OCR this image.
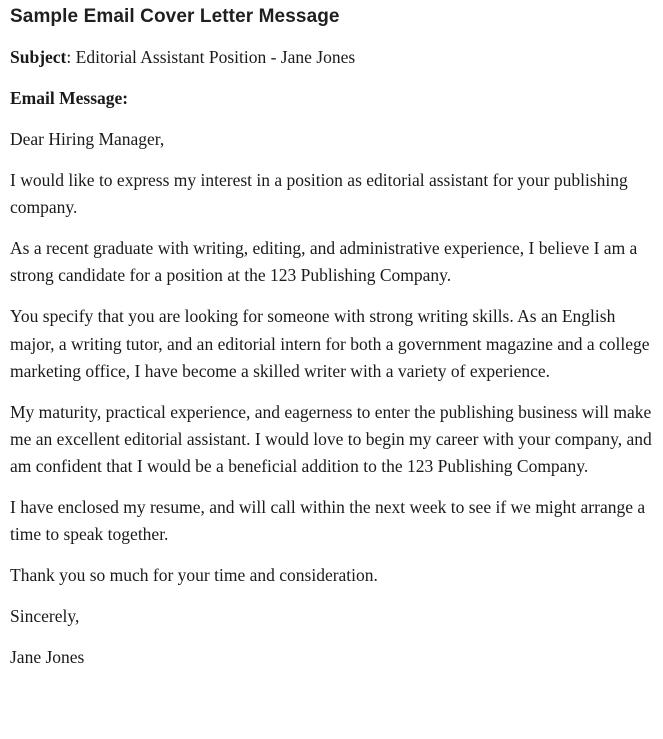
Sample Email Cover Letter Message

Subject: Editorial Assistant Position - Jane Jones

Email Message:

Dear Hiring Manager,

I would like to express my interest in a position as editorial assistant for your publishing company.

As a recent graduate with writing, editing, and administrative experience, I believe I am a strong candidate for a position at the 123 Publishing Company.

You specify that you are looking for someone with strong writing skills. As an English major, a writing tutor, and an editorial intern for both a government magazine and a college marketing office, I have become a skilled writer with a variety of experience.

My maturity, practical experience, and eagerness to enter the publishing business will make me an excellent editorial assistant. I would love to begin my career with your company, and am confident that I would be a beneficial addition to the 123 Publishing Company.

I have enclosed my resume, and will call within the next week to see if we might arrange a time to speak together.

Thank you so much for your time and consideration.

Sincerely,

Jane Jones
